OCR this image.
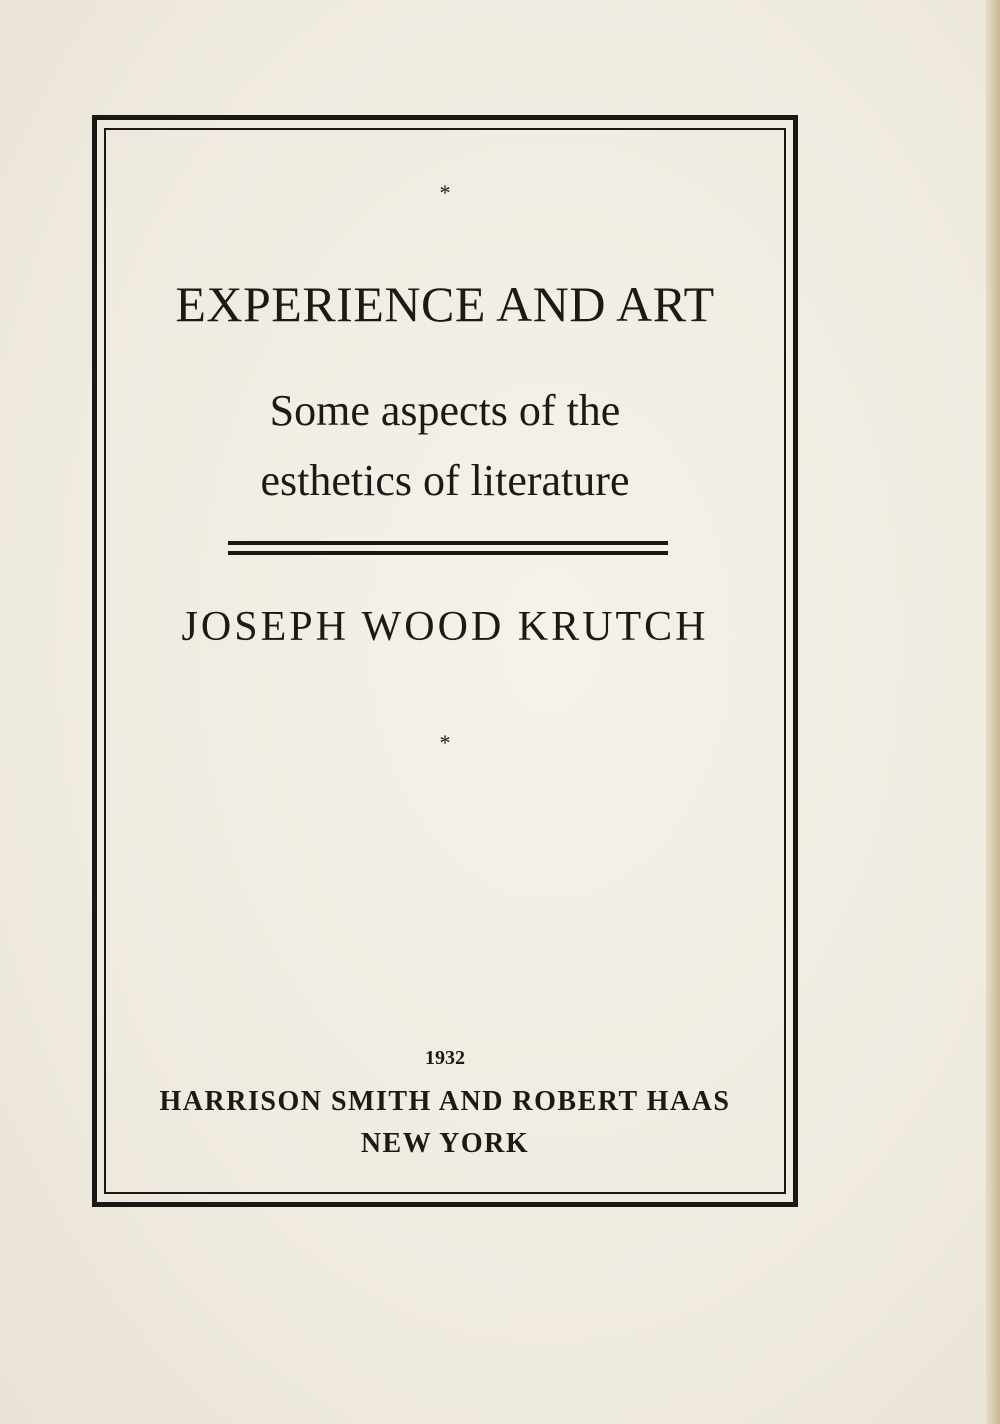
*

EXPERIENCE AND ART
Some aspects of the
esthetics of literature

JOSEPH WOOD KRUTCH

*

1932

HARRISON SMITH AND ROBERT HAAS

NEW YORK
